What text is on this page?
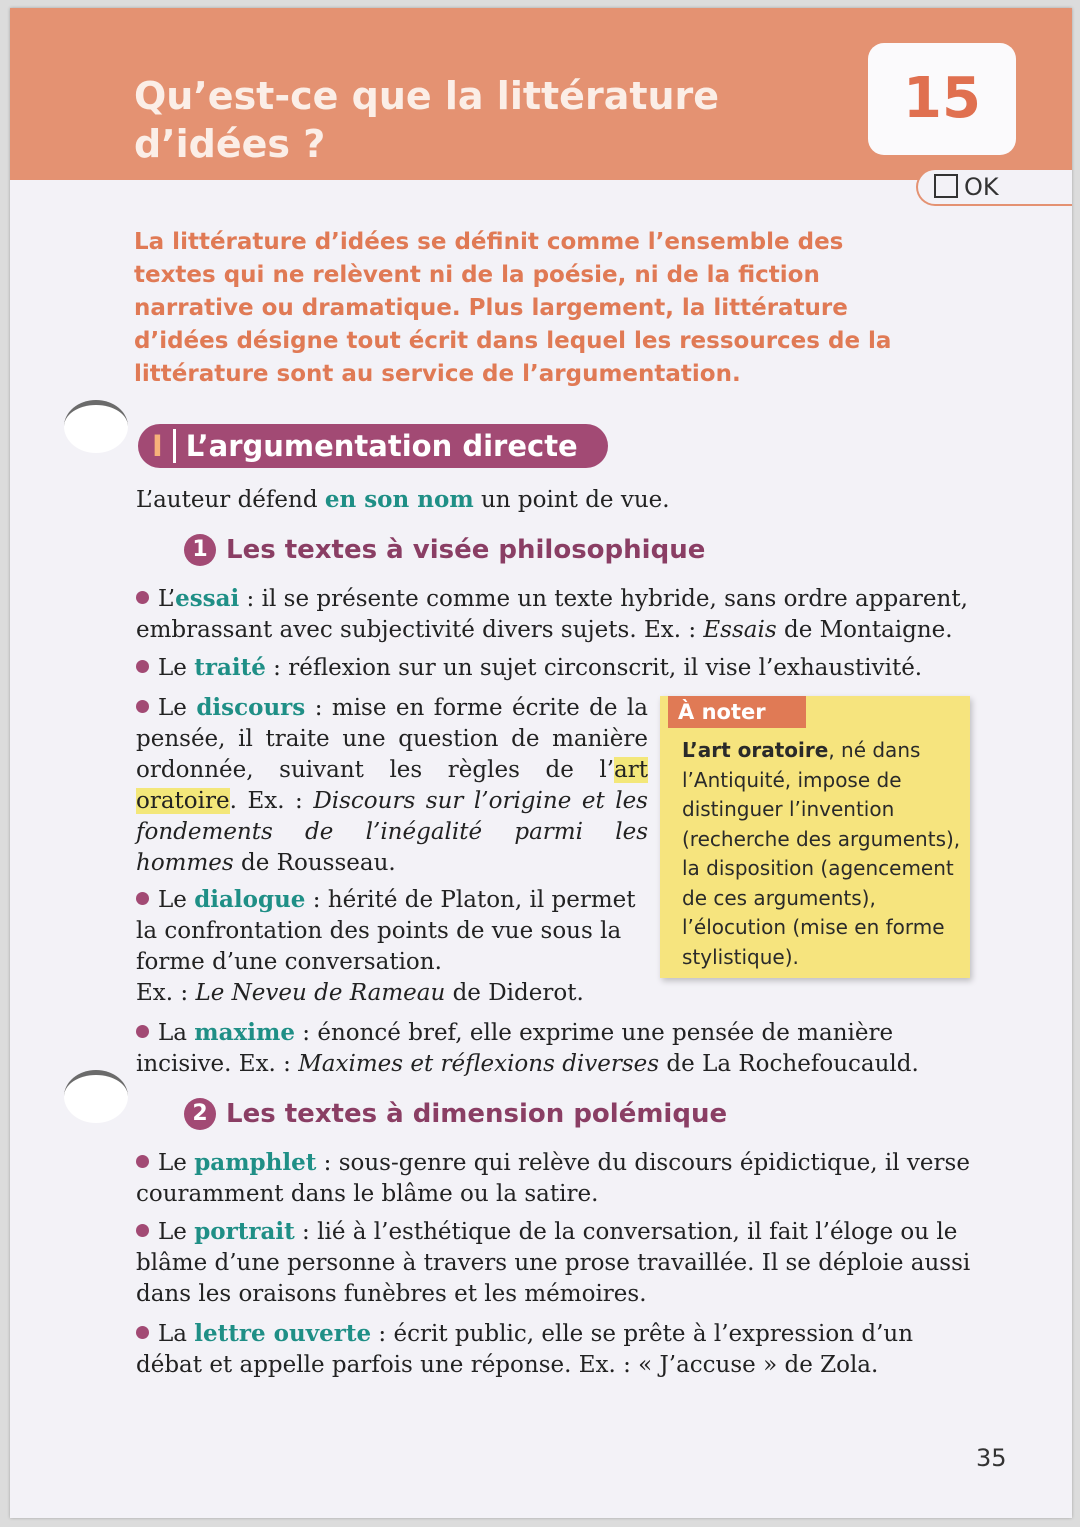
Qu’est-ce que la littérature
d’idées ?
15
OK

La littérature d’idées se définit comme l’ensemble des textes qui ne relèvent ni de la poésie, ni de la fiction narrative ou dramatique. Plus largement, la littérature d’idées désigne tout écrit dans lequel les ressources de la littérature sont au service de l’argumentation.

I L’argumentation directe

L’auteur défend en son nom un point de vue.

1 Les textes à visée philosophique

L’essai : il se présente comme un texte hybride, sans ordre apparent, embrassant avec subjectivité divers sujets. Ex. : Essais de Montaigne.

Le traité : réflexion sur un sujet circonscrit, il vise l’exhaustivité.

Le discours : mise en forme écrite de la pensée, il traite une question de manière ordonnée, suivant les règles de l’art oratoire. Ex. : Discours sur l’origine et les fondements de l’inégalité parmi les hommes de Rousseau.

Le dialogue : hérité de Platon, il permet la confrontation des points de vue sous la forme d’une conversation.
Ex. : Le Neveu de Rameau de Diderot.

La maxime : énoncé bref, elle exprime une pensée de manière incisive. Ex. : Maximes et réflexions diverses de La Rochefoucauld.

À noter

L’art oratoire, né dans l’Antiquité, impose de distinguer l’invention (recherche des arguments), la disposition (agencement de ces arguments), l’élocution (mise en forme stylistique).

2 Les textes à dimension polémique

Le pamphlet : sous-genre qui relève du discours épidictique, il verse couramment dans le blâme ou la satire.

Le portrait : lié à l’esthétique de la conversation, il fait l’éloge ou le blâme d’une personne à travers une prose travaillée. Il se déploie aussi dans les oraisons funèbres et les mémoires.

La lettre ouverte : écrit public, elle se prête à l’expression d’un débat et appelle parfois une réponse. Ex. : « J’accuse » de Zola.

35
